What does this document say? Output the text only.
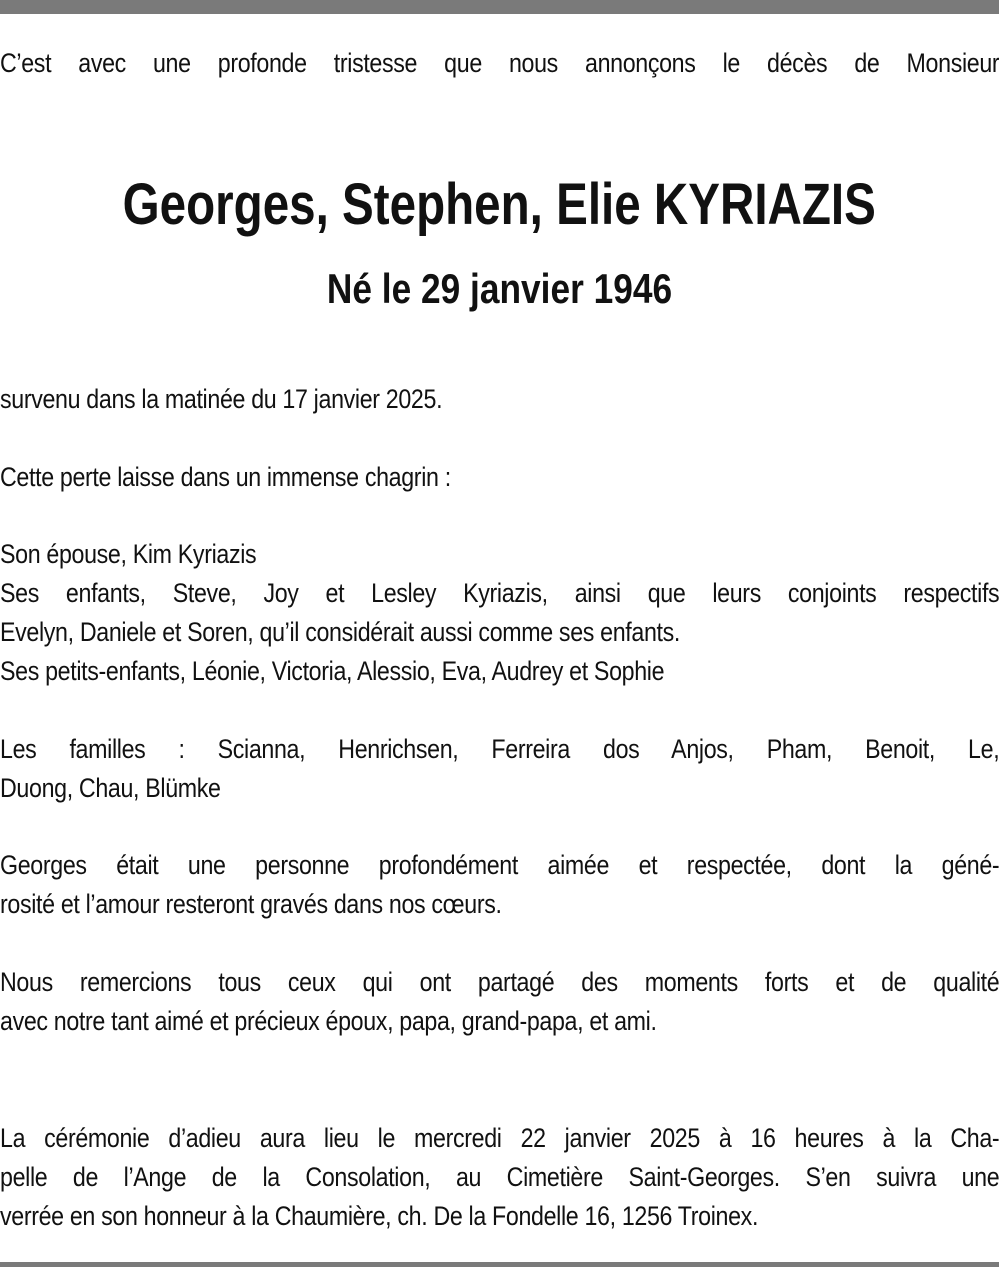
C’est avec une profonde tristesse que nous annonçons le décès de Monsieur

Georges, Stephen, Elie KYRIAZIS
Né le 29 janvier 1946

survenu dans la matinée du 17 janvier 2025.

Cette perte laisse dans un immense chagrin :

Son épouse, Kim Kyriazis
Ses enfants, Steve, Joy et Lesley Kyriazis, ainsi que leurs conjoints respectifs
Evelyn, Daniele et Soren, qu’il considérait aussi comme ses enfants.
Ses petits-enfants, Léonie, Victoria, Alessio, Eva, Audrey et Sophie

Les familles : Scianna, Henrichsen, Ferreira dos Anjos, Pham, Benoit, Le,
Duong, Chau, Blümke

Georges était une personne profondément aimée et respectée, dont la géné-
rosité et l’amour resteront gravés dans nos cœurs.

Nous remercions tous ceux qui ont partagé des moments forts et de qualité
avec notre tant aimé et précieux époux, papa, grand-papa, et ami.

La cérémonie d’adieu aura lieu le mercredi 22 janvier 2025 à 16 heures à la Cha-
pelle de l’Ange de la Consolation, au Cimetière Saint-Georges. S’en suivra une
verrée en son honneur à la Chaumière, ch. De la Fondelle 16, 1256 Troinex.
